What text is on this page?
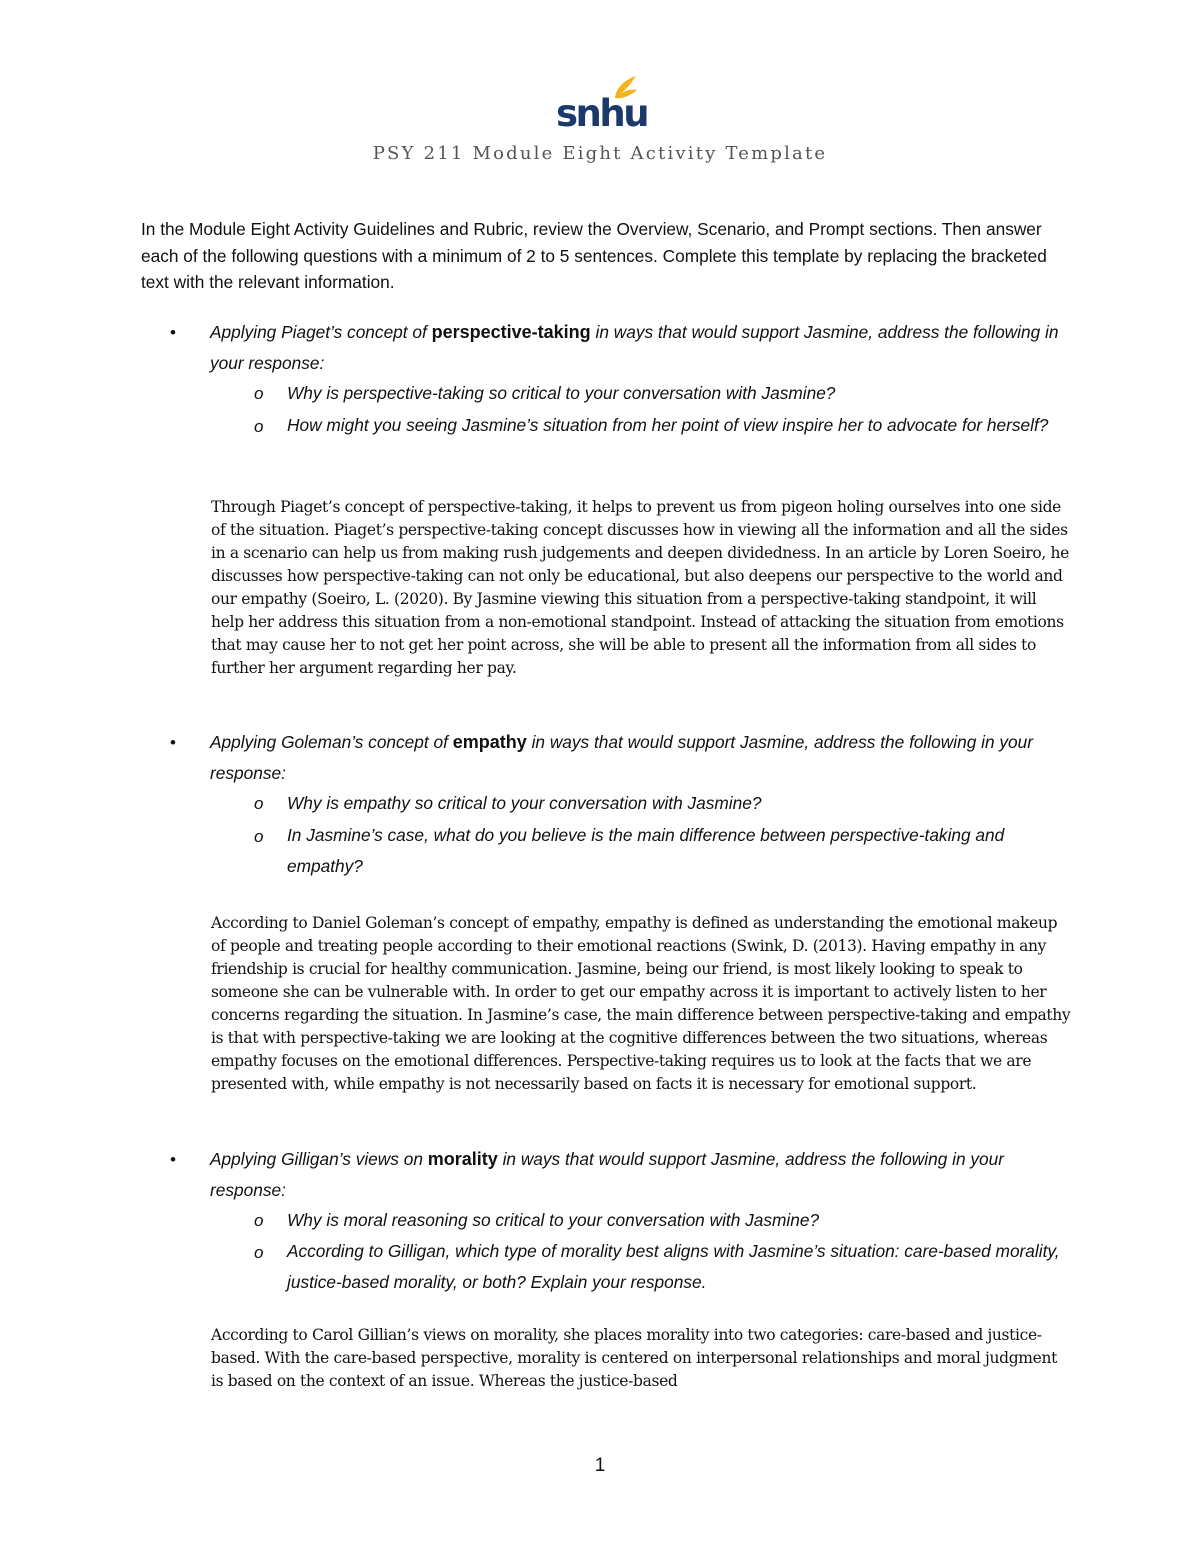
snhu
PSY 211 Module Eight Activity Template

In the Module Eight Activity Guidelines and Rubric, review the Overview, Scenario, and Prompt sections. Then answer each of the following questions with a minimum of 2 to 5 sentences. Complete this template by replacing the bracketed text with the relevant information.

• Applying Piaget’s concept of perspective-taking in ways that would support Jasmine, address the following in your response:

o Why is perspective-taking so critical to your conversation with Jasmine?

o How might you seeing Jasmine’s situation from her point of view inspire her to advocate for herself?

Through Piaget’s concept of perspective-taking, it helps to prevent us from pigeon holing ourselves into one side of the situation. Piaget’s perspective-taking concept discusses how in viewing all the information and all the sides in a scenario can help us from making rush judgements and deepen dividedness. In an article by Loren Soeiro, he discusses how perspective-taking can not only be educational, but also deepens our perspective to the world and our empathy (Soeiro, L. (2020). By Jasmine viewing this situation from a perspective-taking standpoint, it will help her address this situation from a non-emotional standpoint. Instead of attacking the situation from emotions that may cause her to not get her point across, she will be able to present all the information from all sides to further her argument regarding her pay.

• Applying Goleman’s concept of empathy in ways that would support Jasmine, address the following in your response:

o Why is empathy so critical to your conversation with Jasmine?

o In Jasmine’s case, what do you believe is the main difference between perspective-taking and empathy?

According to Daniel Goleman’s concept of empathy, empathy is defined as understanding the emotional makeup of people and treating people according to their emotional reactions (Swink, D. (2013). Having empathy in any friendship is crucial for healthy communication. Jasmine, being our friend, is most likely looking to speak to someone she can be vulnerable with. In order to get our empathy across it is important to actively listen to her concerns regarding the situation. In Jasmine’s case, the main difference between perspective-taking and empathy is that with perspective-taking we are looking at the cognitive differences between the two situations, whereas empathy focuses on the emotional differences. Perspective-taking requires us to look at the facts that we are presented with, while empathy is not necessarily based on facts it is necessary for emotional support.

• Applying Gilligan’s views on morality in ways that would support Jasmine, address the following in your response:

o Why is moral reasoning so critical to your conversation with Jasmine?

o According to Gilligan, which type of morality best aligns with Jasmine’s situation: care-based morality, justice-based morality, or both? Explain your response.

According to Carol Gillian’s views on morality, she places morality into two categories: care-based and justice-based. With the care-based perspective, morality is centered on interpersonal relationships and moral judgment is based on the context of an issue. Whereas the justice-based

1
